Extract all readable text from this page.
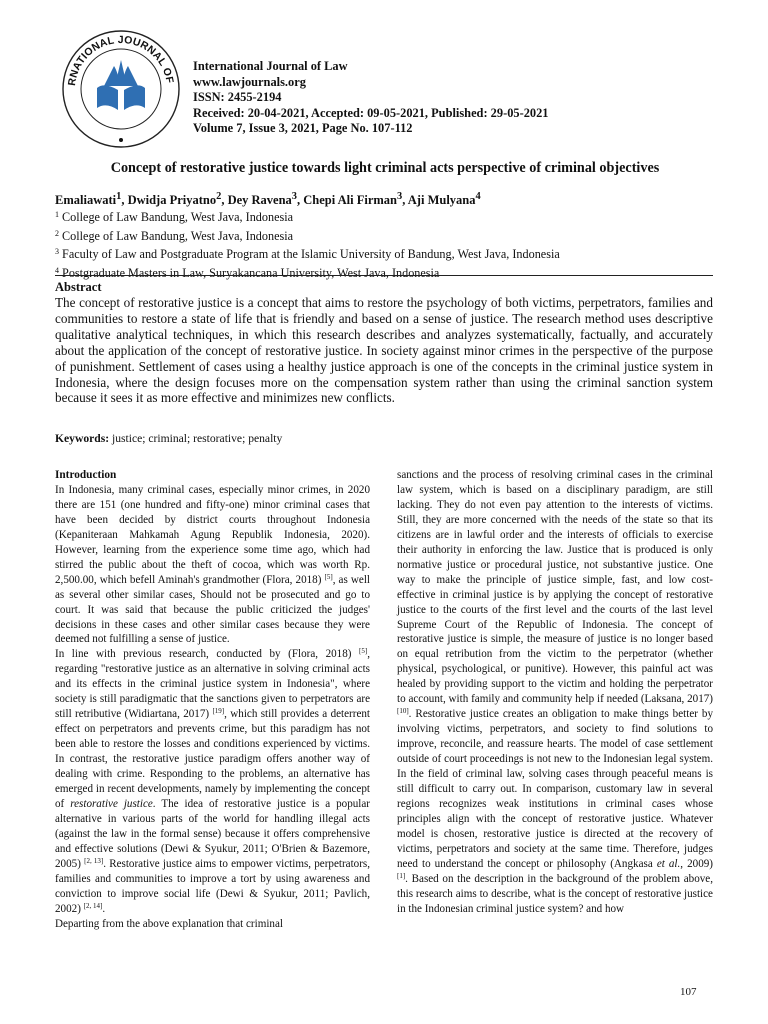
RNATIONAL JOURNAL OF
International Journal of Law
www.lawjournals.org
ISSN: 2455-2194
Received: 20-04-2021, Accepted: 09-05-2021, Published: 29-05-2021
Volume 7, Issue 3, 2021, Page No. 107-112
Concept of restorative justice towards light criminal acts perspective of criminal objectives
Emaliawati$^1$, Dwidja Priyatno$^2$, Dey Ravena$^3$, Chepi Ali Firman$^3$, Aji Mulyana$^4$
$^1$ College of Law Bandung, West Java, Indonesia
$^2$ College of Law Bandung, West Java, Indonesia
$^3$ Faculty of Law and Postgraduate Program at the Islamic University of Bandung, West Java, Indonesia
$^4$ Postgraduate Masters in Law, Suryakancana University, West Java, Indonesia
Abstract
The concept of restorative justice is a concept that aims to restore the psychology of both victims, perpetrators, families and communities to restore a state of life that is friendly and based on a sense of justice. The research method uses descriptive qualitative analytical techniques, in which this research describes and analyzes systematically, factually, and accurately about the application of the concept of restorative justice. In society against minor crimes in the perspective of the purpose of punishment. Settlement of cases using a healthy justice approach is one of the concepts in the criminal justice system in Indonesia, where the design focuses more on the compensation system rather than using the criminal sanction system because it sees it as more effective and minimizes new conflicts.
Keywords: justice; criminal; restorative; penalty
Introduction

In Indonesia, many criminal cases, especially minor crimes, in 2020 there are 151 (one hundred and fifty-one) minor criminal cases that have been decided by district courts throughout Indonesia (Kepaniteraan Mahkamah Agung Republik Indonesia, 2020). However, learning from the experience some time ago, which had stirred the public about the theft of cocoa, which was worth Rp. 2,500.00, which befell Aminah's grandmother (Flora, 2018) [5], as well as several other similar cases, Should not be prosecuted and go to court. It was said that because the public criticized the judges' decisions in these cases and other similar cases because they were deemed not fulfilling a sense of justice.

In line with previous research, conducted by (Flora, 2018) [5], regarding "restorative justice as an alternative in solving criminal acts and its effects in the criminal justice system in Indonesia", where society is still paradigmatic that the sanctions given to perpetrators are still retributive (Widiartana, 2017) [19], which still provides a deterrent effect on perpetrators and prevents crime, but this paradigm has not been able to restore the losses and conditions experienced by victims. In contrast, the restorative justice paradigm offers another way of dealing with crime. Responding to the problems, an alternative has emerged in recent developments, namely by implementing the concept of restorative justice. The idea of restorative justice is a popular alternative in various parts of the world for handling illegal acts (against the law in the formal sense) because it offers comprehensive and effective solutions (Dewi & Syukur, 2011; O'Brien & Bazemore, 2005) [2, 13]. Restorative justice aims to empower victims, perpetrators, families and communities to improve a tort by using awareness and conviction to improve social life (Dewi & Syukur, 2011; Pavlich, 2002) [2, 14].

Departing from the above explanation that criminal

sanctions and the process of resolving criminal cases in the criminal law system, which is based on a disciplinary paradigm, are still lacking. They do not even pay attention to the interests of victims. Still, they are more concerned with the needs of the state so that its citizens are in lawful order and the interests of officials to exercise their authority in enforcing the law. Justice that is produced is only normative justice or procedural justice, not substantive justice. One way to make the principle of justice simple, fast, and low cost-effective in criminal justice is by applying the concept of restorative justice to the courts of the first level and the courts of the last level Supreme Court of the Republic of Indonesia. The concept of restorative justice is simple, the measure of justice is no longer based on equal retribution from the victim to the perpetrator (whether physical, psychological, or punitive). However, this painful act was healed by providing support to the victim and holding the perpetrator to account, with family and community help if needed (Laksana, 2017) [10]. Restorative justice creates an obligation to make things better by involving victims, perpetrators, and society to find solutions to improve, reconcile, and reassure hearts. The model of case settlement outside of court proceedings is not new to the Indonesian legal system. In the field of criminal law, solving cases through peaceful means is still difficult to carry out. In comparison, customary law in several regions recognizes weak institutions in criminal cases whose principles align with the concept of restorative justice. Whatever model is chosen, restorative justice is directed at the recovery of victims, perpetrators and society at the same time. Therefore, judges need to understand the concept or philosophy (Angkasa et al., 2009) [1]. Based on the description in the background of the problem above, this research aims to describe, what is the concept of restorative justice in the Indonesian criminal justice system? and how

107
